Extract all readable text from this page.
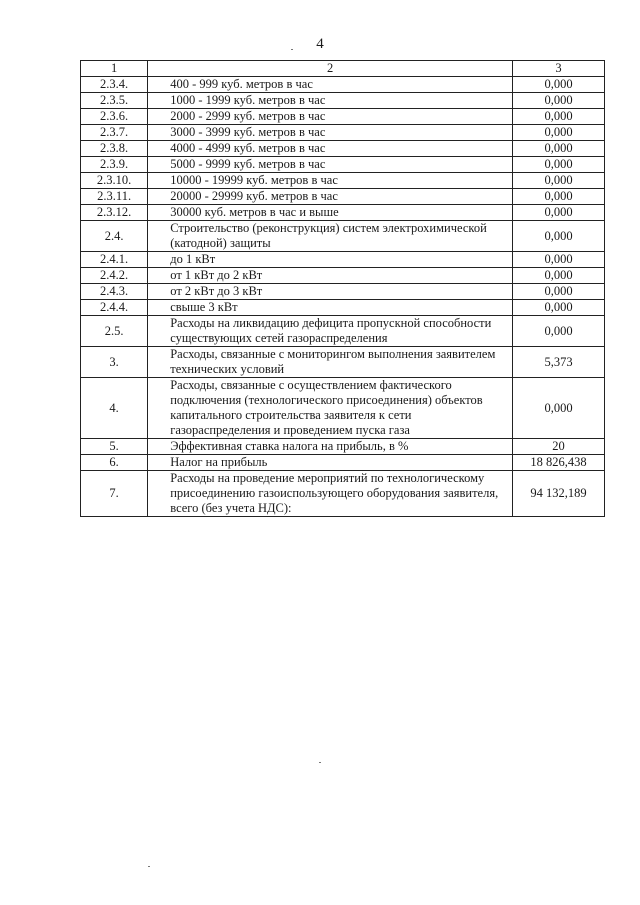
4
1	2	3
2.3.4.	400 - 999 куб. метров в час	0,000
2.3.5.	1000 - 1999 куб. метров в час	0,000
2.3.6.	2000 - 2999 куб. метров в час	0,000
2.3.7.	3000 - 3999 куб. метров в час	0,000
2.3.8.	4000 - 4999 куб. метров в час	0,000
2.3.9.	5000 - 9999 куб. метров в час	0,000
2.3.10.	10000 - 19999 куб. метров в час	0,000
2.3.11.	20000 - 29999 куб. метров в час	0,000
2.3.12.	30000 куб. метров в час и выше	0,000
2.4.	Строительство (реконструкция) систем электрохимической (катодной) защиты	0,000
2.4.1.	до 1 кВт	0,000
2.4.2.	от 1 кВт до 2 кВт	0,000
2.4.3.	от 2 кВт до 3 кВт	0,000
2.4.4.	свыше 3 кВт	0,000
2.5.	Расходы на ликвидацию дефицита пропускной способности существующих сетей газораспределения	0,000
3.	Расходы, связанные с мониторингом выполнения заявителем технических условий	5,373
4.	Расходы, связанные с осуществлением фактического подключения (технологического присоединения) объектов капитального строительства заявителя к сети газораспределения и проведением пуска газа	0,000
5.	Эффективная ставка налога на прибыль, в %	20
6.	Налог на прибыль	18 826,438
7.	Расходы на проведение мероприятий по технологическому присоединению газоиспользующего оборудования заявителя, всего (без учета НДС):	94 132,189
